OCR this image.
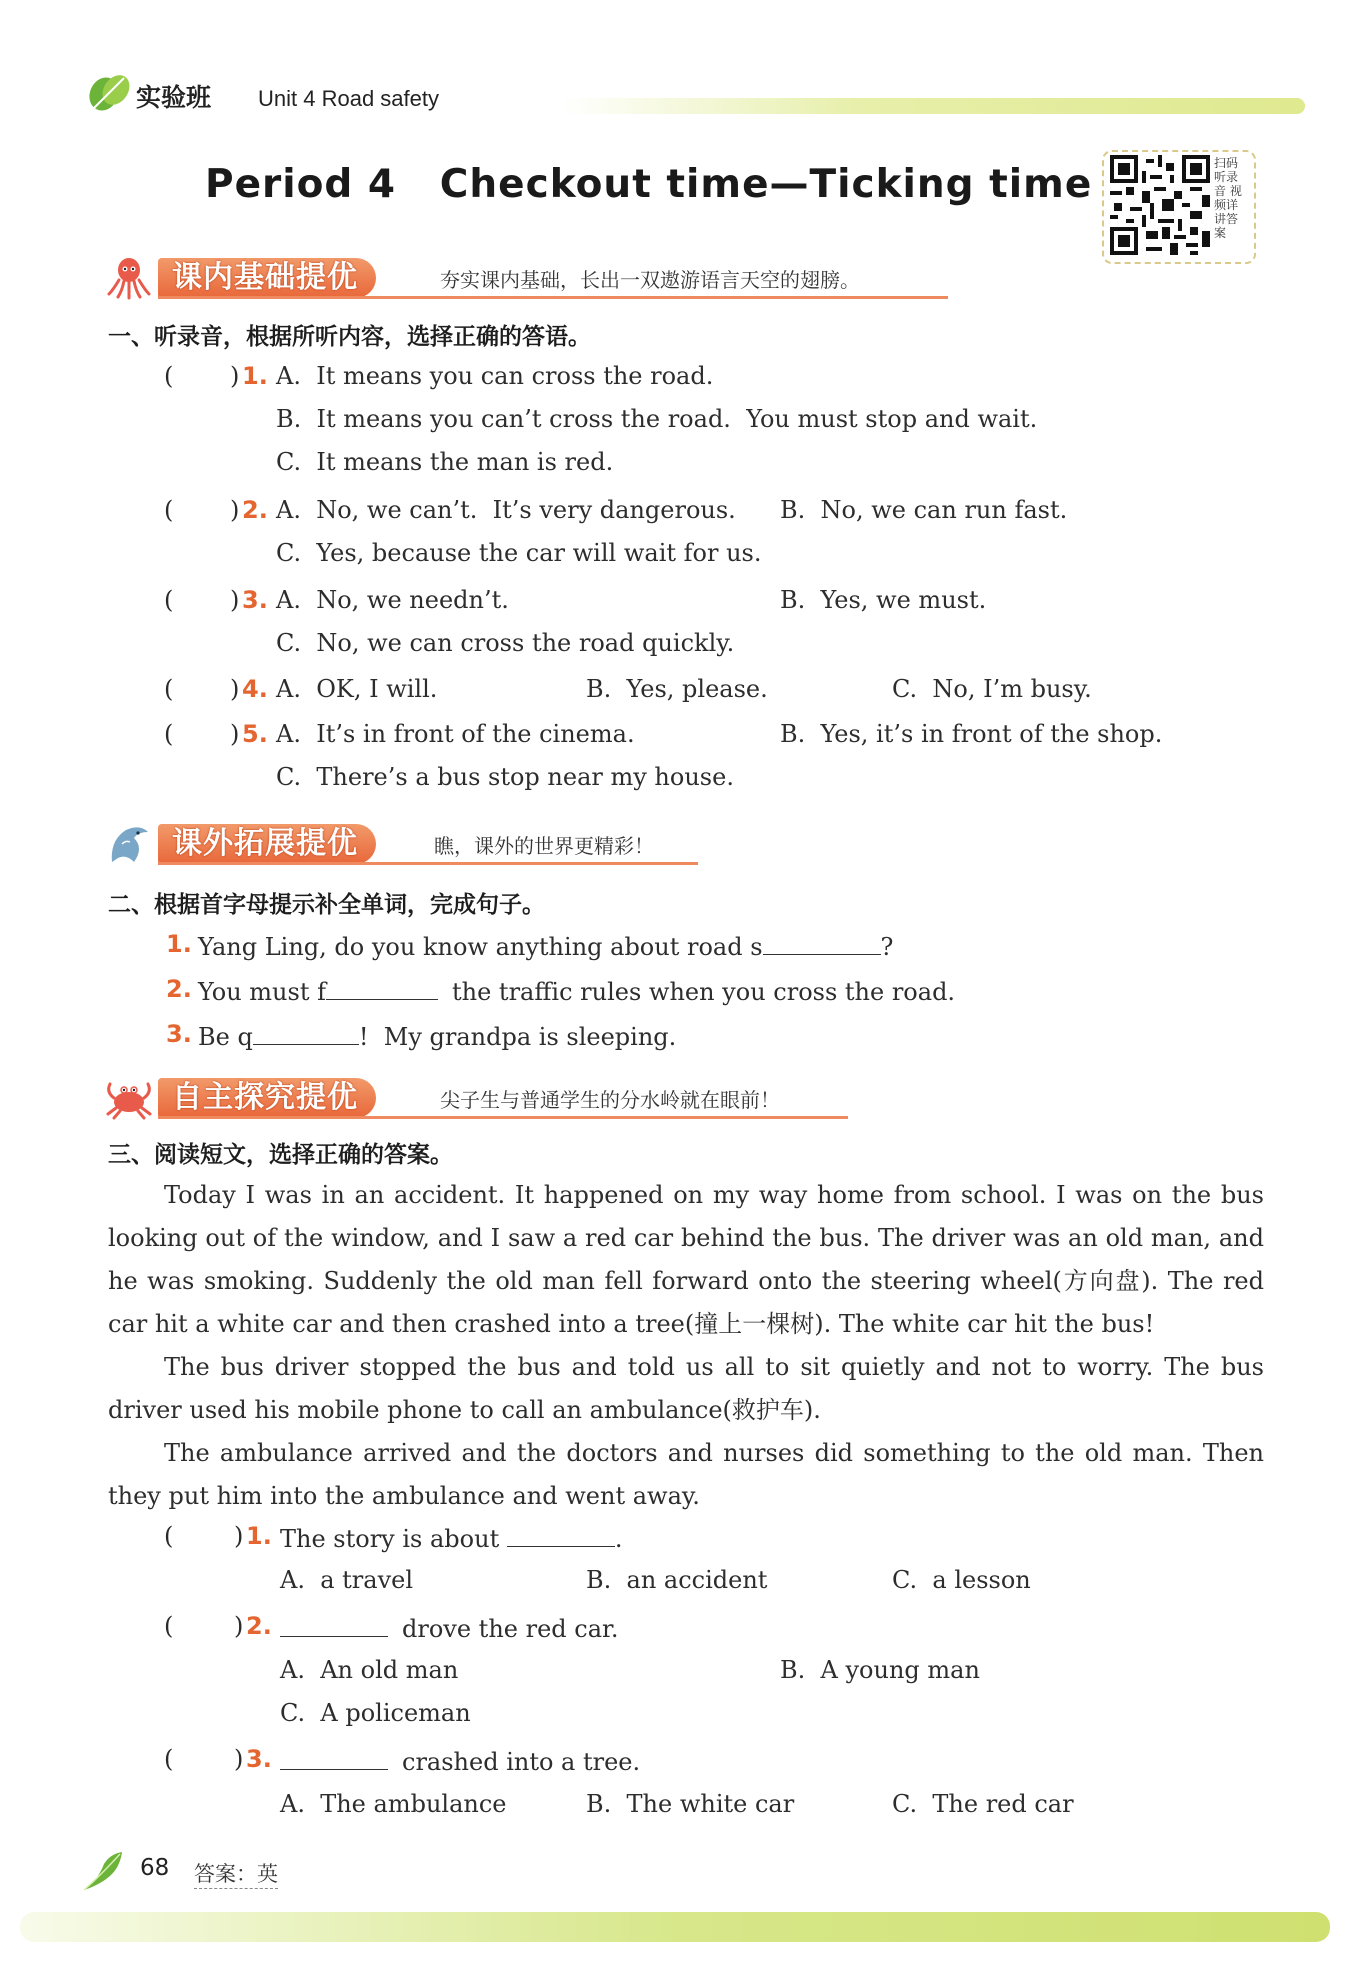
实验班 Unit 4 Road safety
Period 4   Checkout time—Ticking time	扫码听录音 视频详讲答案
课内基础提优	夯实课内基础，长出一双遨游语言天空的翅膀。
一、听录音，根据所听内容，选择正确的答语。
( ) 1. A.  It means you can cross the road.
B.  It means you can’t cross the road.  You must stop and wait.
C.  It means the man is red.
( ) 2. A.  No, we can’t.  It’s very dangerous. B.  No, we can run fast.
C.  Yes, because the car will wait for us.
( ) 3. A.  No, we needn’t.	B.  Yes, we must.
C.  No, we can cross the road quickly.
( ) 4. A.  OK, I will.	B.  Yes, please.	C.  No, I’m busy.
( ) 5. A.  It’s in front of the cinema.	B.  Yes, it’s in front of the shop.
C.  There’s a bus stop near my house.
课外拓展提优	瞧，课外的世界更精彩！
二、根据首字母提示补全单词，完成句子。
1. Yang Ling, do you know anything about road s	?
2. You must f	the traffic rules when you cross the road.
3. Be q	!  My grandpa is sleeping.
自主探究提优	尖子生与普通学生的分水岭就在眼前！
三、阅读短文，选择正确的答案。
Today I was in an accident. It happened on my way home from school. I was on the bus looking out of the window, and I saw a red car behind the bus. The driver was an old man, and he was smoking. Suddenly the old man fell forward onto the steering wheel(方向盘). The red car hit a white car and then crashed into a tree(撞上一棵树). The white car hit the bus!
The bus driver stopped the bus and told us all to sit quietly and not to worry. The bus driver used his mobile phone to call an ambulance(救护车).
The ambulance arrived and the doctors and nurses did something to the old man. Then they put him into the ambulance and went away.
(	) 1. The story is about	.
A.  a travel	B.  an accident	C.  a lesson
(	) 2.	drove the red car.
A.  An old man	B.  A young man
C.  A policeman
(	) 3.	crashed into a tree.
A.  The ambulance	B.  The white car	C.  The red car
68 答案：英
